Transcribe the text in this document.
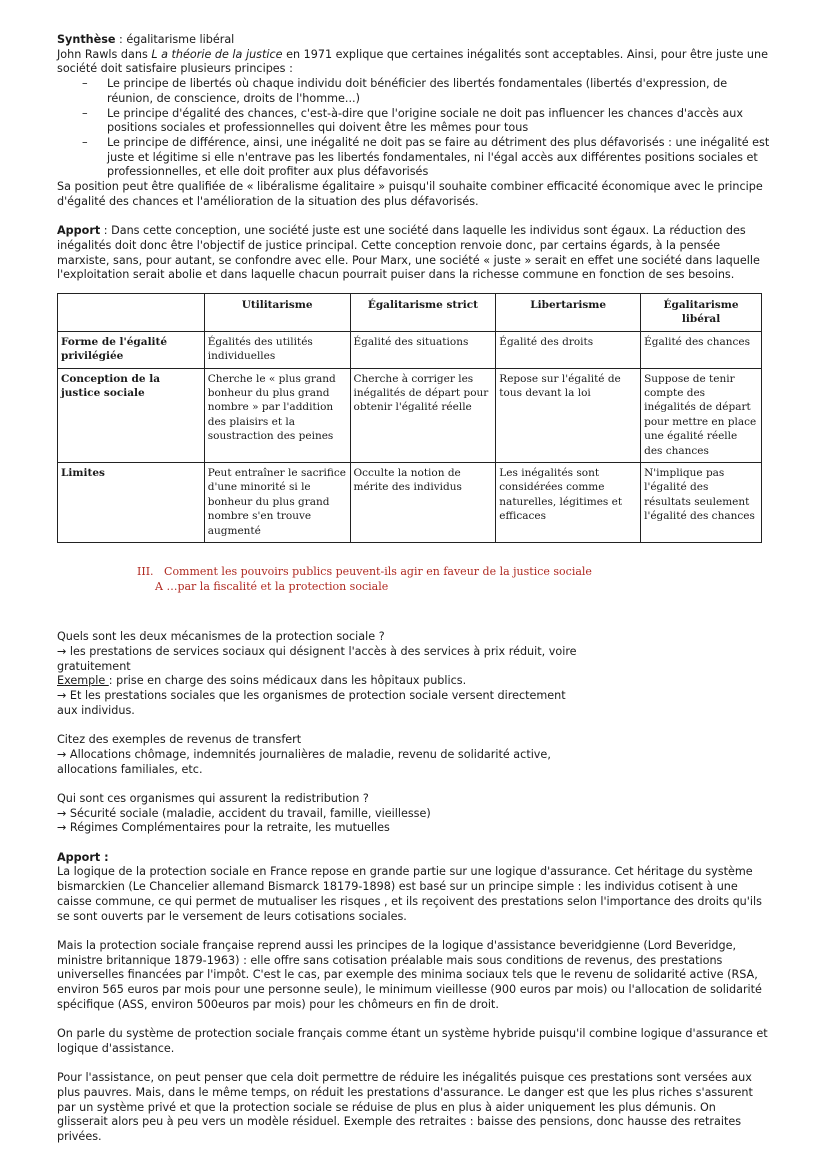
Synthèse : égalitarisme libéral

John Rawls dans L a théorie de la justice en 1971 explique que certaines inégalités sont acceptables. Ainsi, pour être juste une société doit satisfaire plusieurs principes :

– Le principe de libertés où chaque individu doit bénéficier des libertés fondamentales (libertés d'expression, de réunion, de conscience, droits de l'homme...)
– Le principe d'égalité des chances, c'est-à-dire que l'origine sociale ne doit pas influencer les chances d'accès aux positions sociales et professionnelles qui doivent être les mêmes pour tous
– Le principe de différence, ainsi, une inégalité ne doit pas se faire au détriment des plus défavorisés : une inégalité est juste et légitime si elle n'entrave pas les libertés fondamentales, ni l'égal accès aux différentes positions sociales et professionnelles, et elle doit profiter aux plus défavorisés

Sa position peut être qualifiée de « libéralisme égalitaire » puisqu'il souhaite combiner efficacité économique avec le principe d'égalité des chances et l'amélioration de la situation des plus défavorisés.

Apport : Dans cette conception, une société juste est une société dans laquelle les individus sont égaux. La réduction des inégalités doit donc être l'objectif de justice principal. Cette conception renvoie donc, par certains égards, à la pensée marxiste, sans, pour autant, se confondre avec elle. Pour Marx, une société « juste » serait en effet une société dans laquelle l'exploitation serait abolie et dans laquelle chacun pourrait puiser dans la richesse commune en fonction de ses besoins.

	Utilitarisme	Égalitarisme strict	Libertarisme	Égalitarisme libéral
Forme de l'égalité privilégiée	Égalités des utilités individuelles	Égalité des situations	Égalité des droits	Égalité des chances
Conception de la justice sociale	Cherche le « plus grand bonheur du plus grand nombre » par l'addition des plaisirs et la soustraction des peines	Cherche à corriger les inégalités de départ pour obtenir l'égalité réelle	Repose sur l'égalité de tous devant la loi	Suppose de tenir compte des inégalités de départ pour mettre en place une égalité réelle des chances
Limites	Peut entraîner le sacrifice d'une minorité si le bonheur du plus grand nombre s'en trouve augmenté	Occulte la notion de mérite des individus	Les inégalités sont considérées comme naturelles, légitimes et efficaces	N'implique pas l'égalité des résultats seulement l'égalité des chances

III.   Comment les pouvoirs publics peuvent-ils agir en faveur de la justice sociale

A …par la fiscalité et la protection sociale

Quels sont les deux mécanismes de la protection sociale ?

→ les prestations de services sociaux qui désignent l'accès à des services à prix réduit, voire gratuitement

Exemple : prise en charge des soins médicaux dans les hôpitaux publics.

→ Et les prestations sociales que les organismes de protection sociale versent directement aux individus.

Citez des exemples de revenus de transfert

→ Allocations chômage, indemnités journalières de maladie, revenu de solidarité active, allocations familiales, etc.

Qui sont ces organismes qui assurent la redistribution ?

→ Sécurité sociale (maladie, accident du travail, famille, vieillesse)

→ Régimes Complémentaires pour la retraite, les mutuelles

Apport :

La logique de la protection sociale en France repose en grande partie sur une logique d'assurance. Cet héritage du système bismarckien (Le Chancelier allemand Bismarck 18179-1898) est basé sur un principe simple : les individus cotisent à une caisse commune, ce qui permet de mutualiser les risques , et ils reçoivent des prestations selon l'importance des droits qu'ils se sont ouverts par le versement de leurs cotisations sociales.

Mais la protection sociale française reprend aussi les principes de la logique d'assistance beveridgienne (Lord Beveridge, ministre britannique 1879-1963) : elle offre sans cotisation préalable mais sous conditions de revenus, des prestations universelles financées par l'impôt. C'est le cas, par exemple des minima sociaux tels que le revenu de solidarité active (RSA, environ 565 euros par mois pour une personne seule), le minimum vieillesse (900 euros par mois) ou l'allocation de solidarité spécifique (ASS, environ 500euros par mois) pour les chômeurs en fin de droit.

On parle du système de protection sociale français comme étant un système hybride puisqu'il combine logique d'assurance et logique d'assistance.

Pour l'assistance, on peut penser que cela doit permettre de réduire les inégalités puisque ces prestations sont versées aux plus pauvres. Mais, dans le même temps, on réduit les prestations d'assurance. Le danger est que les plus riches s'assurent par un système privé et que la protection sociale se réduise de plus en plus à aider uniquement les plus démunis. On glisserait alors peu à peu vers un modèle résiduel. Exemple des retraites : baisse des pensions, donc hausse des retraites privées.
